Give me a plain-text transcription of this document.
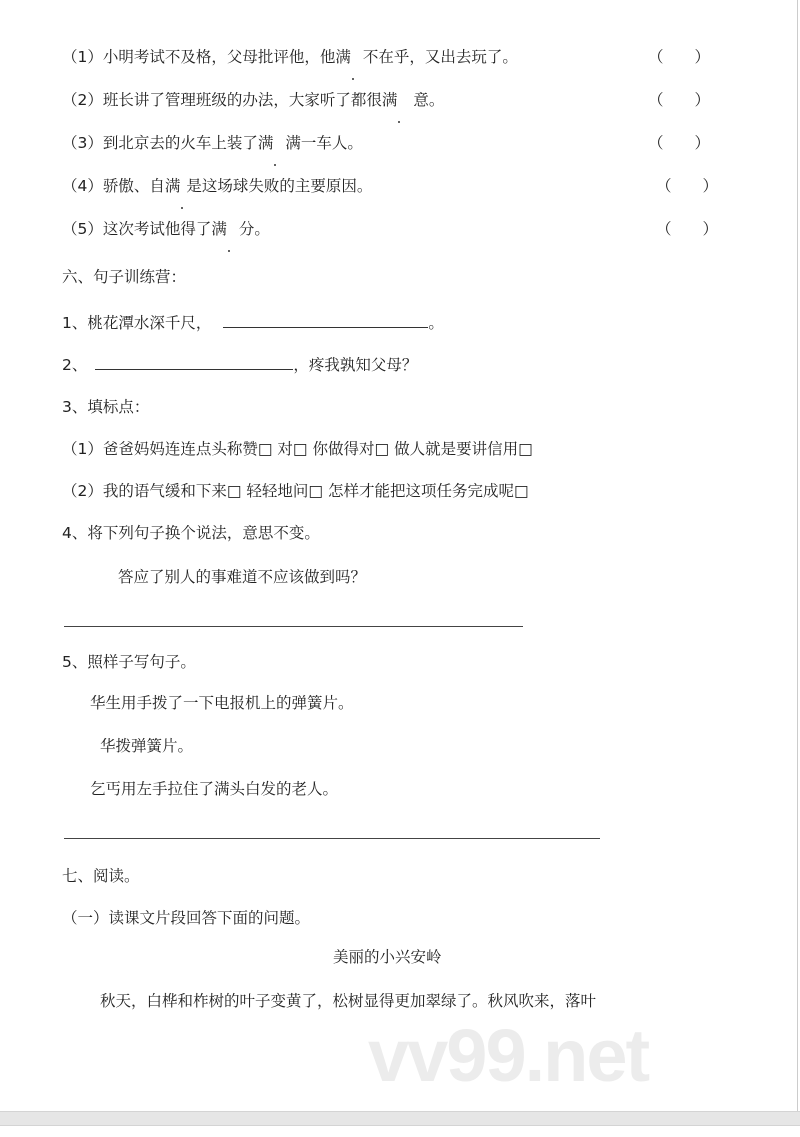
（1）小明考试不及格，父母批评他，他满 不在乎，又出去玩了。	（　　）
（2）班长讲了管理班级的办法，大家听了都很满 意。	（　　）
（3）到北京去的火车上装了满 满一车人。	（　　）
（4）骄傲、自满 是这场球失败的主要原因。	（　　）
（5）这次考试他得了满 分。	（　　）
六、句子训练营：
1、桃花潭水深千尺，	。
2、	，疼我孰知父母？
3、填标点：
（1）爸爸妈妈连连点头称赞□ 对□ 你做得对□ 做人就是要讲信用□
（2）我的语气缓和下来□ 轻轻地问□ 怎样才能把这项任务完成呢□
4、将下列句子换个说法，意思不变。
答应了别人的事难道不应该做到吗？
5、照样子写句子。
华生用手拨了一下电报机上的弹簧片。
华拨弹簧片。
乞丐用左手拉住了满头白发的老人。
七、阅读。
（一）读课文片段回答下面的问题。
美丽的小兴安岭
秋天，白桦和柞树的叶子变黄了，松树显得更加翠绿了。秋风吹来，落叶
vv99.net
